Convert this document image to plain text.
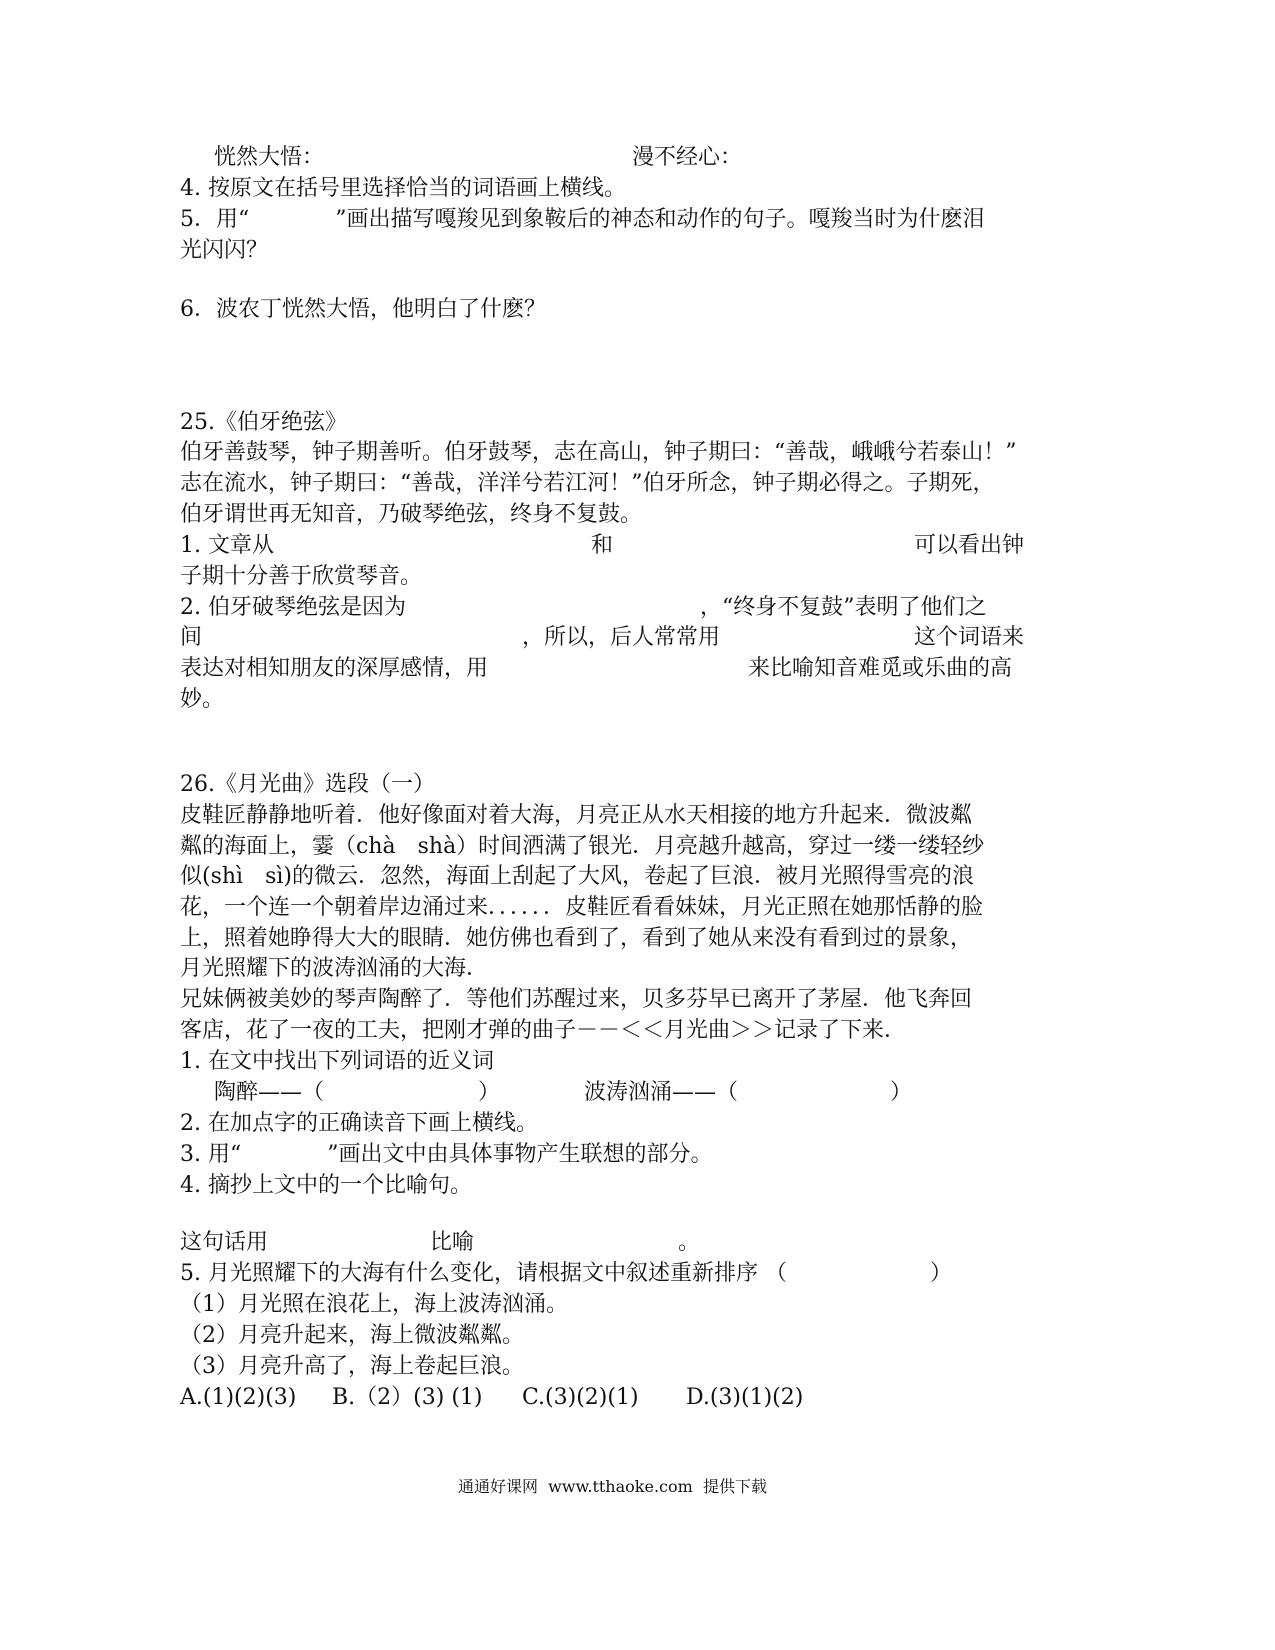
恍然大悟：	漫不经心：
4. 按原文在括号里选择恰当的词语画上横线。
5．用“	”画出描写嘎羧见到象鞍后的神态和动作的句子。嘎羧当时为什麽泪
光闪闪？
6．波农丁恍然大悟，他明白了什麽？
25.《伯牙绝弦》
伯牙善鼓琴，钟子期善听。伯牙鼓琴，志在高山，钟子期曰：“善哉，峨峨兮若泰山！”
志在流水，钟子期曰：“善哉，洋洋兮若江河！”伯牙所念，钟子期必得之。子期死，
伯牙谓世再无知音，乃破琴绝弦，终身不复鼓。
1. 文章从	和	可以看出钟
子期十分善于欣赏琴音。
2. 伯牙破琴绝弦是因为	，“终身不复鼓”表明了他们之
间	，所以，后人常常用	这个词语来
表达对相知朋友的深厚感情，用	来比喻知音难觅或乐曲的高
妙。
26.《月光曲》选段（一）
皮鞋匠静静地听着．他好像面对着大海，月亮正从水天相接的地方升起来．微波粼
粼的海面上，霎（chà　shà）时间洒满了银光．月亮越升越高，穿过一缕一缕轻纱
似(shì　sì)的微云．忽然，海面上刮起了大风，卷起了巨浪．被月光照得雪亮的浪
花，一个连一个朝着岸边涌过来．．．．．．皮鞋匠看看妹妹，月光正照在她那恬静的脸
上，照着她睁得大大的眼睛．她仿佛也看到了，看到了她从来没有看到过的景象，
月光照耀下的波涛汹涌的大海．
兄妹俩被美妙的琴声陶醉了．等他们苏醒过来，贝多芬早已离开了茅屋．他飞奔回
客店，花了一夜的工夫，把刚才弹的曲子－－＜＜月光曲＞＞记录了下来．
1. 在文中找出下列词语的近义词
陶醉——（	）	波涛汹涌——（	）
2. 在加点字的正确读音下画上横线。
3. 用“	”画出文中由具体事物产生联想的部分。
4. 摘抄上文中的一个比喻句。
这句话用	比喻	。
5. 月光照耀下的大海有什么变化，请根据文中叙述重新排序 （	）
（1）月光照在浪花上，海上波涛汹涌。
（2）月亮升起来，海上微波粼粼。
（3）月亮升高了，海上卷起巨浪。
A.(1)(2)(3) B.（2）(3) (1) C.(3)(2)(1) D.(3)(1)(2)
通通好课网  www.tthaoke.com  提供下载
